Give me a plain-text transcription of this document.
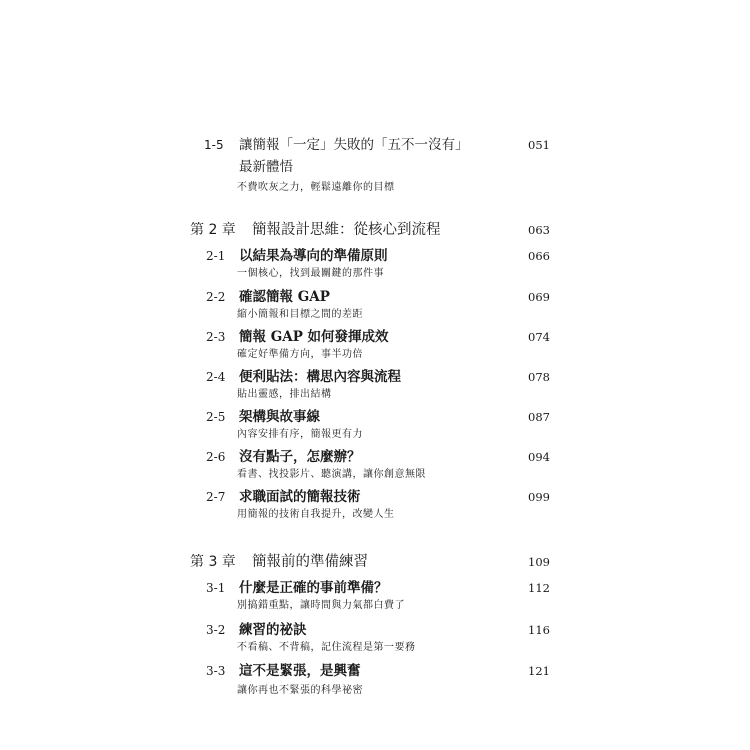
1-5 讓簡報「一定」失敗的「五不一沒有」	051
最新體悟
不費吹灰之力，輕鬆遠離你的目標
第 2 章 簡報設計思維：從核心到流程	063
2-1 以結果為導向的準備原則	066
一個核心，找到最關鍵的那件事
2-2 確認簡報 GAP	069
縮小簡報和目標之間的差距
2-3 簡報 GAP 如何發揮成效	074
確定好準備方向，事半功倍
2-4 便利貼法：構思內容與流程	078
貼出靈感，排出結構
2-5 架構與故事線	087
內容安排有序，簡報更有力
2-6 沒有點子，怎麼辦？	094
看書、找投影片、聽演講，讓你創意無限
2-7 求職面試的簡報技術	099
用簡報的技術自我提升，改變人生
第 3 章 簡報前的準備練習	109
3-1 什麼是正確的事前準備？	112
別搞錯重點，讓時間與力氣都白費了
3-2 練習的祕訣	116
不看稿、不背稿，記住流程是第一要務
3-3 這不是緊張，是興奮	121
讓你再也不緊張的科學祕密
